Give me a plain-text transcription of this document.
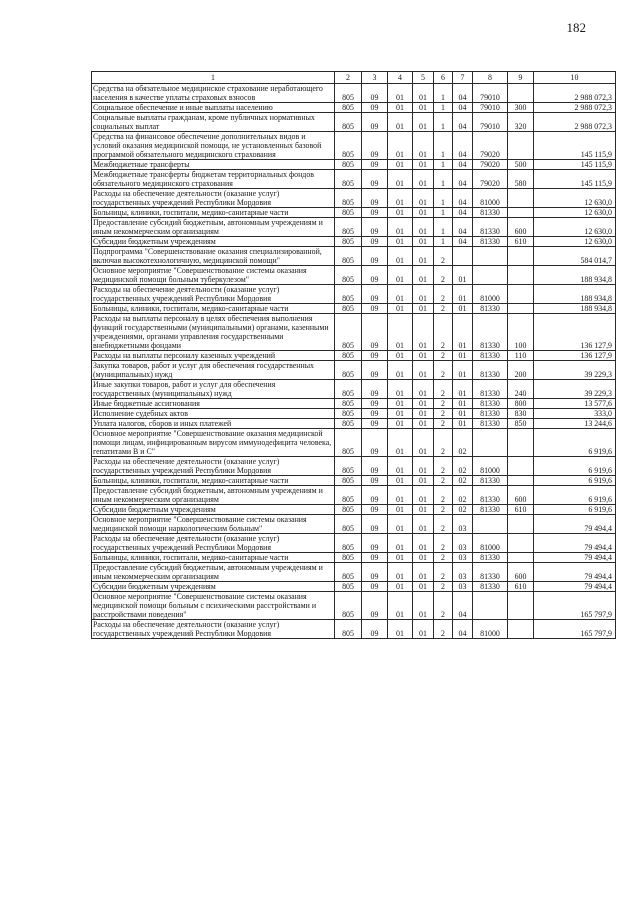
182
1	2	3	4	5	6	7	8	9	10
Средства на обязательное медицинское страхование неработающего населения в качестве уплаты страховых взносов	805	09	01	01	1	04	79010		2 988 072,3
Социальное обеспечение и иные выплаты населению	805	09	01	01	1	04	79010	300	2 988 072,3
Социальные выплаты гражданам, кроме публичных нормативных социальных выплат	805	09	01	01	1	04	79010	320	2 988 072,3
Средства на финансовое обеспечение дополнительных видов и условий оказания медицинской помощи, не установленных базовой программой обязательного медицинского страхования	805	09	01	01	1	04	79020		145 115,9
Межбюджетные трансферты	805	09	01	01	1	04	79020	500	145 115,9
Межбюджетные трансферты бюджетам территориальных фондов обязательного медицинского страхования	805	09	01	01	1	04	79020	580	145 115,9
Расходы на обеспечение деятельности (оказание услуг) государственных учреждений Республики Мордовия	805	09	01	01	1	04	81000		12 630,0
Больницы, клиники, госпитали, медико-санитарные части	805	09	01	01	1	04	81330		12 630,0
Предоставление субсидий бюджетным, автономным учреждениям и иным некоммерческим организациям	805	09	01	01	1	04	81330	600	12 630,0
Субсидии бюджетным учреждениям	805	09	01	01	1	04	81330	610	12 630,0
Подпрограмма "Совершенствование оказания специализированной, включая высокотехнологичную, медицинской помощи"	805	09	01	01	2				584 014,7
Основное мероприятие "Совершенствование системы оказания медицинской помощи больным туберкулезом"	805	09	01	01	2	01			188 934,8
Расходы на обеспечение деятельности (оказание услуг) государственных учреждений Республики Мордовия	805	09	01	01	2	01	81000		188 934,8
Больницы, клиники, госпитали, медико-санитарные части	805	09	01	01	2	01	81330		188 934,8
Расходы на выплаты персоналу в целях обеспечения выполнения функций государственными (муниципальными) органами, казенными учреждениями, органами управления государственными внебюджетными фондами	805	09	01	01	2	01	81330	100	136 127,9
Расходы на выплаты персоналу казенных учреждений	805	09	01	01	2	01	81330	110	136 127,9
Закупка товаров, работ и услуг для обеспечения государственных (муниципальных) нужд	805	09	01	01	2	01	81330	200	39 229,3
Иные закупки товаров, работ и услуг для обеспечения государственных (муниципальных) нужд	805	09	01	01	2	01	81330	240	39 229,3
Иные бюджетные ассигнования	805	09	01	01	2	01	81330	800	13 577,6
Исполнение судебных актов	805	09	01	01	2	01	81330	830	333,0
Уплата налогов, сборов и иных платежей	805	09	01	01	2	01	81330	850	13 244,6
Основное мероприятие "Совершенствование оказания медицинской помощи лицам, инфицированным вирусом иммунодефицита человека, гепатитами B и C"	805	09	01	01	2	02			6 919,6
Расходы на обеспечение деятельности (оказание услуг) государственных учреждений Республики Мордовия	805	09	01	01	2	02	81000		6 919,6
Больницы, клиники, госпитали, медико-санитарные части	805	09	01	01	2	02	81330		6 919,6
Предоставление субсидий бюджетным, автономным учреждениям и иным некоммерческим организациям	805	09	01	01	2	02	81330	600	6 919,6
Субсидии бюджетным учреждениям	805	09	01	01	2	02	81330	610	6 919,6
Основное мероприятие "Совершенствование системы оказания медицинской помощи наркологическим больным"	805	09	01	01	2	03			79 494,4
Расходы на обеспечение деятельности (оказание услуг) государственных учреждений Республики Мордовия	805	09	01	01	2	03	81000		79 494,4
Больницы, клиники, госпитали, медико-санитарные части	805	09	01	01	2	03	81330		79 494,4
Предоставление субсидий бюджетным, автономным учреждениям и иным некоммерческим организациям	805	09	01	01	2	03	81330	600	79 494,4
Субсидии бюджетным учреждениям	805	09	01	01	2	03	81330	610	79 494,4
Основное мероприятие "Совершенствование системы оказания медицинской помощи больным с психическими расстройствами и расстройствами поведения"	805	09	01	01	2	04			165 797,9
Расходы на обеспечение деятельности (оказание услуг) государственных учреждений Республики Мордовия	805	09	01	01	2	04	81000		165 797,9
